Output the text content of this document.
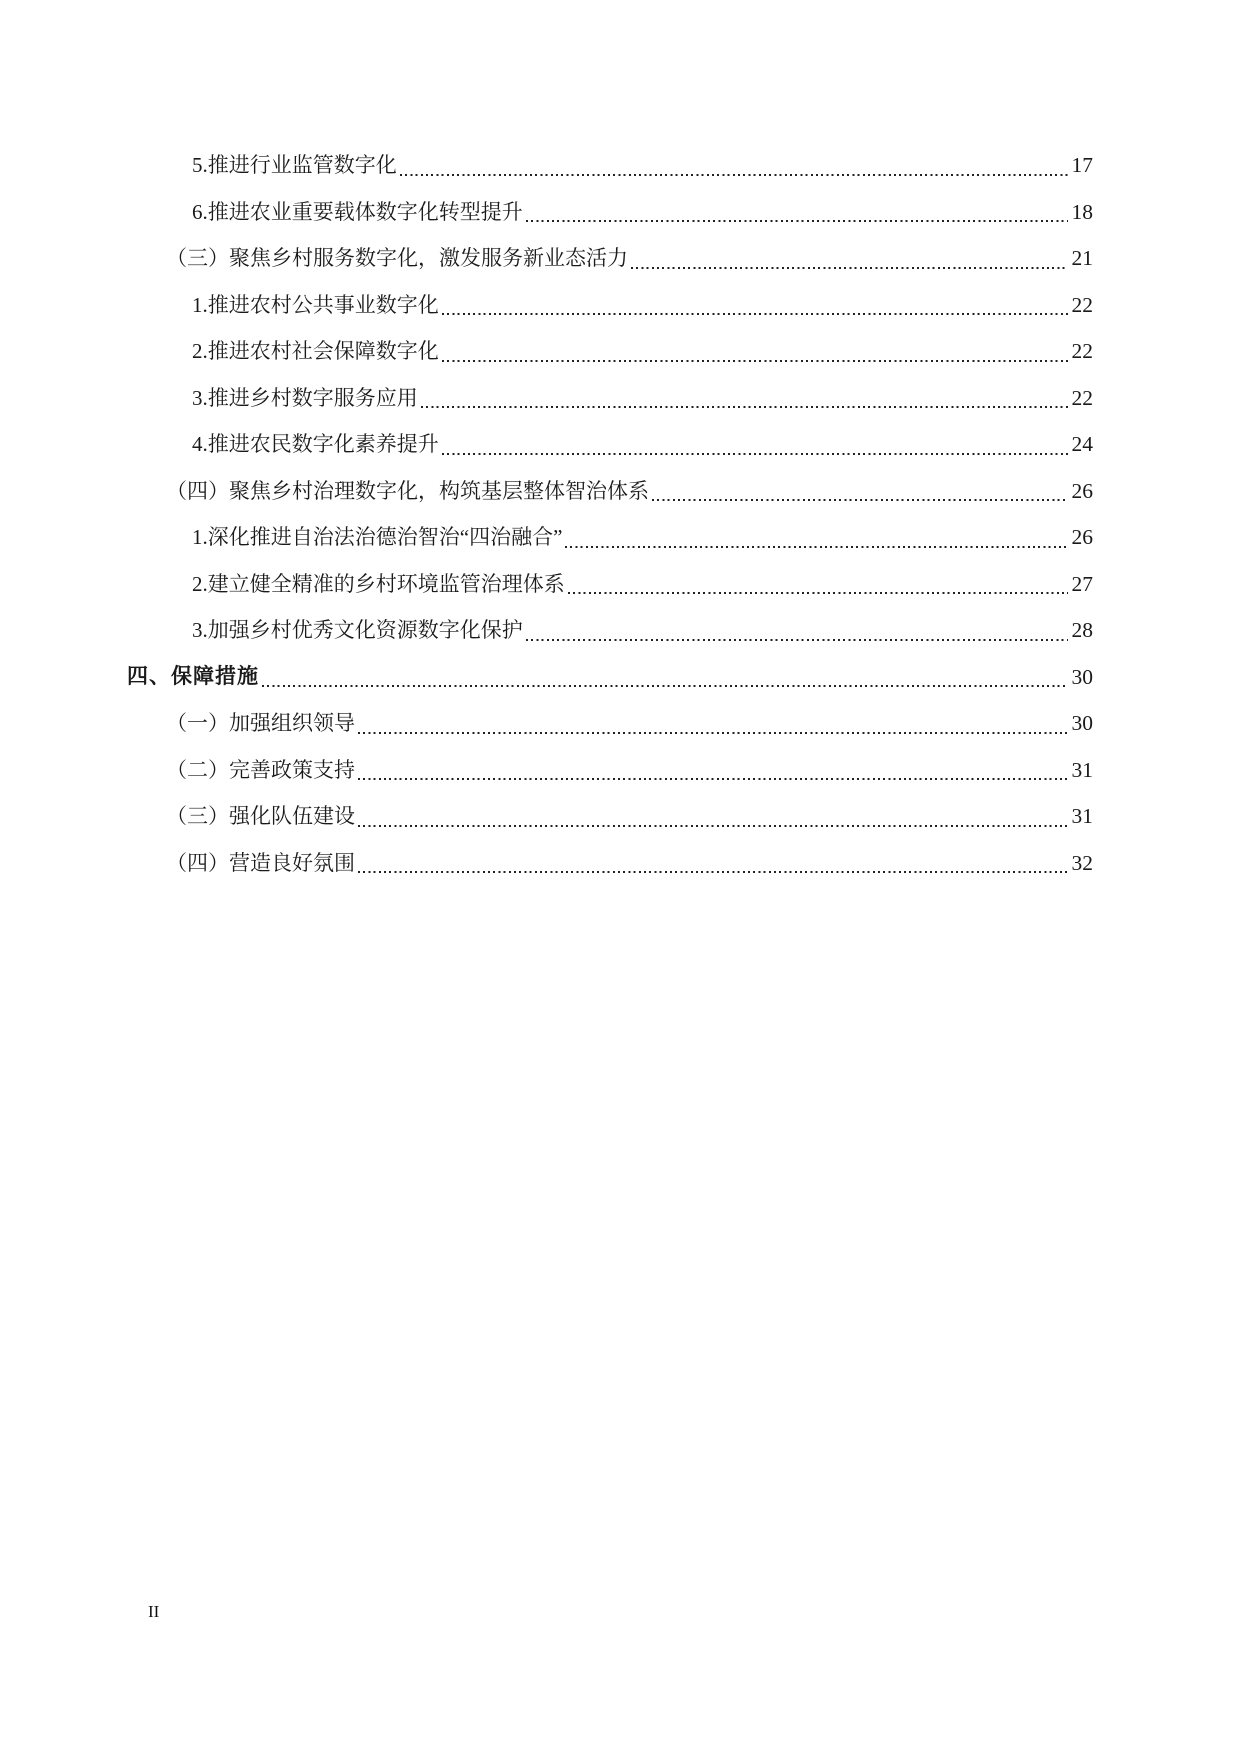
5.推进行业监管数字化	17
6.推进农业重要载体数字化转型提升	18
（三）聚焦乡村服务数字化，激发服务新业态活力	21
1.推进农村公共事业数字化	22
2.推进农村社会保障数字化	22
3.推进乡村数字服务应用	22
4.推进农民数字化素养提升	24
（四）聚焦乡村治理数字化，构筑基层整体智治体系	26
1.深化推进自治法治德治智治“四治融合”	26
2.建立健全精准的乡村环境监管治理体系	27
3.加强乡村优秀文化资源数字化保护	28
四、保障措施	30
（一）加强组织领导	30
（二）完善政策支持	31
（三）强化队伍建设	31
（四）营造良好氛围	32
II
